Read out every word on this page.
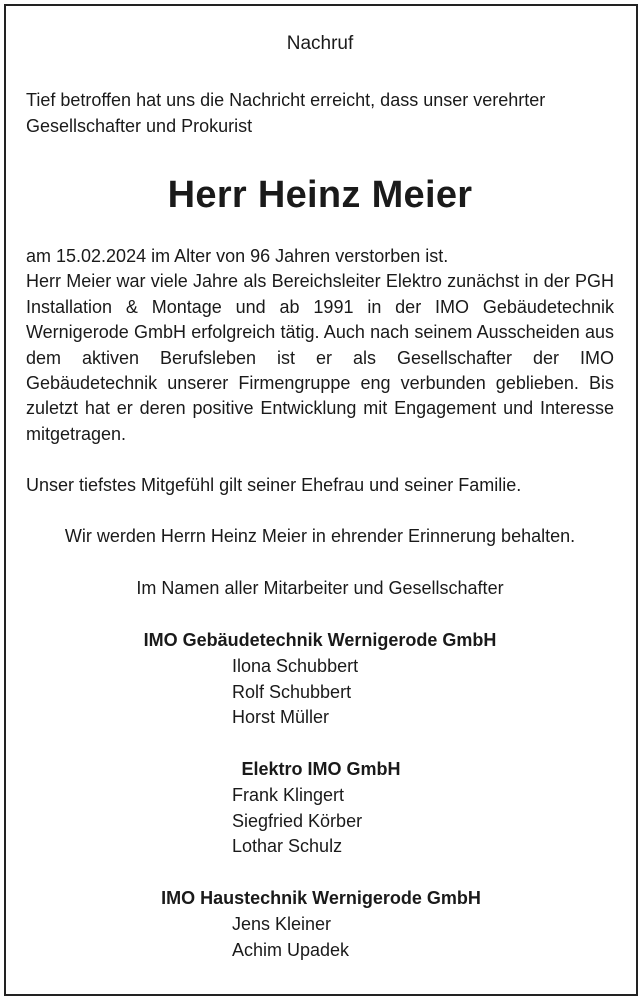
Nachruf
Tief betroffen hat uns die Nachricht erreicht, dass unser verehrter Gesellschafter und Prokurist
Herr Heinz Meier
am 15.02.2024 im Alter von 96 Jahren verstorben ist.
Herr Meier war viele Jahre als Bereichsleiter Elektro zunächst in der PGH Installation & Montage und ab 1991 in der IMO Gebäudetechnik Wernigerode GmbH erfolgreich tätig. Auch nach seinem Ausscheiden aus dem aktiven Berufsleben ist er als Gesellschafter der IMO Gebäudetechnik unserer Firmengruppe eng verbunden geblieben. Bis zuletzt hat er deren positive Entwicklung mit Engagement und Interesse mitgetragen.
Unser tiefstes Mitgefühl gilt seiner Ehefrau und seiner Familie.
Wir werden Herrn Heinz Meier in ehrender Erinnerung behalten.
Im Namen aller Mitarbeiter und Gesellschafter
IMO Gebäudetechnik Wernigerode GmbH
Ilona Schubbert
Rolf Schubbert
Horst Müller
Elektro IMO GmbH
Frank Klingert
Siegfried Körber
Lothar Schulz
IMO Haustechnik Wernigerode GmbH
Jens Kleiner
Achim Upadek
